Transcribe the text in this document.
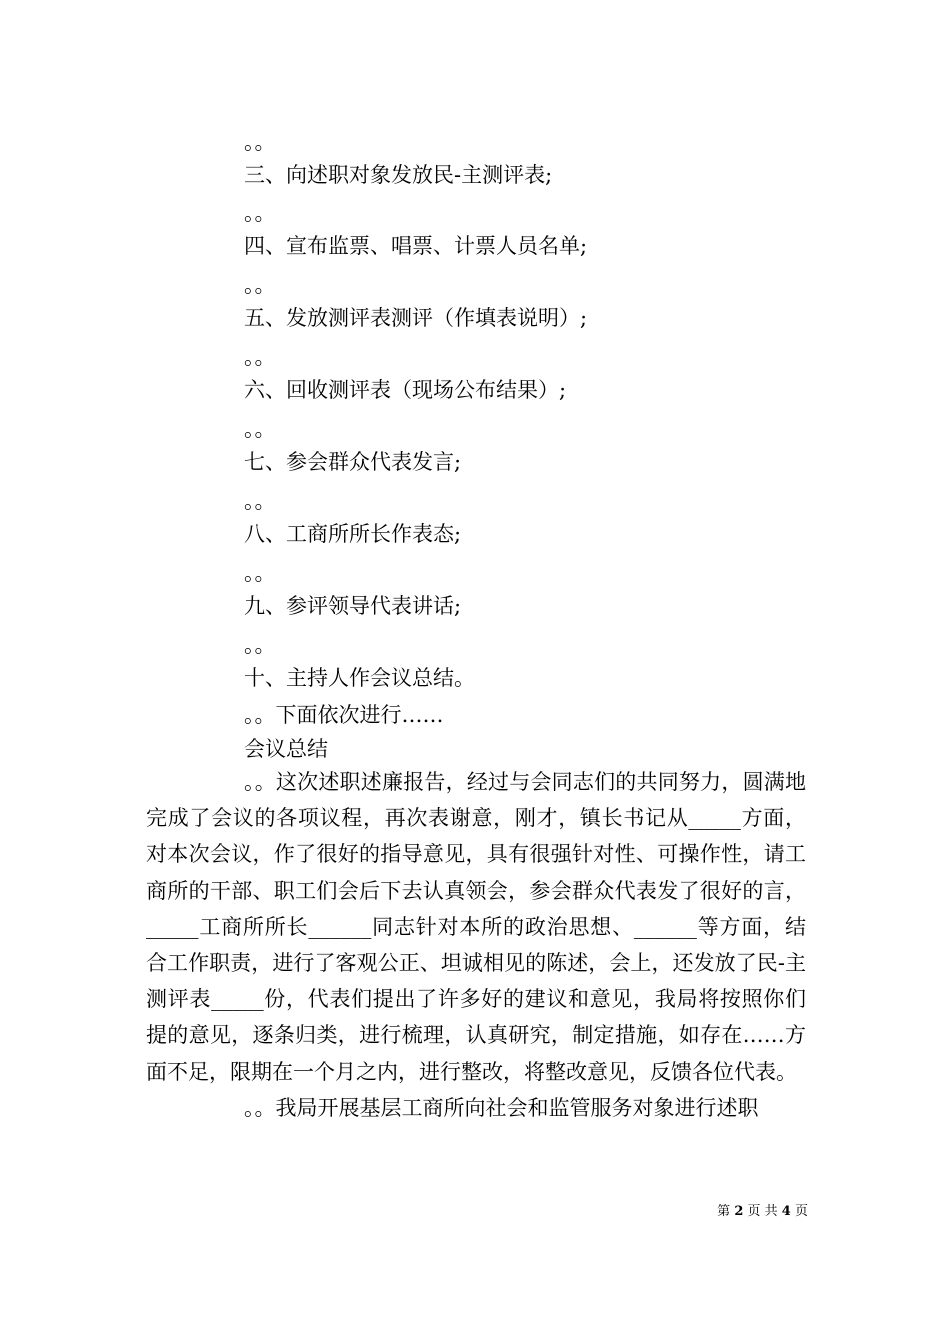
。。
三、向述职对象发放民-主测评表;
。。
四、宣布监票、唱票、计票人员名单;
。。
五、发放测评表测评（作填表说明）;
。。
六、回收测评表（现场公布结果）;
。。
七、参会群众代表发言;
。。
八、工商所所长作表态;
。。
九、参评领导代表讲话;
。。
十、主持人作会议总结。
。。下面依次进行……
会议总结
。。这次述职述廉报告，经过与会同志们的共同努力，圆满地完成了会议的各项议程，再次表谢意，刚才，镇长书记从_____方面，对本次会议，作了很好的指导意见，具有很强针对性、可操作性，请工商所的干部、职工们会后下去认真领会，参会群众代表发了很好的言，_____工商所所长______同志针对本所的政治思想、______等方面，结合工作职责，进行了客观公正、坦诚相见的陈述，会上，还发放了民-主测评表_____份，代表们提出了许多好的建议和意见，我局将按照你们提的意见，逐条归类，进行梳理，认真研究，制定措施，如存在……方面不足，限期在一个月之内，进行整改，将整改意见，反馈各位代表。
。。我局开展基层工商所向社会和监管服务对象进行述职
第 2 页 共 4 页
